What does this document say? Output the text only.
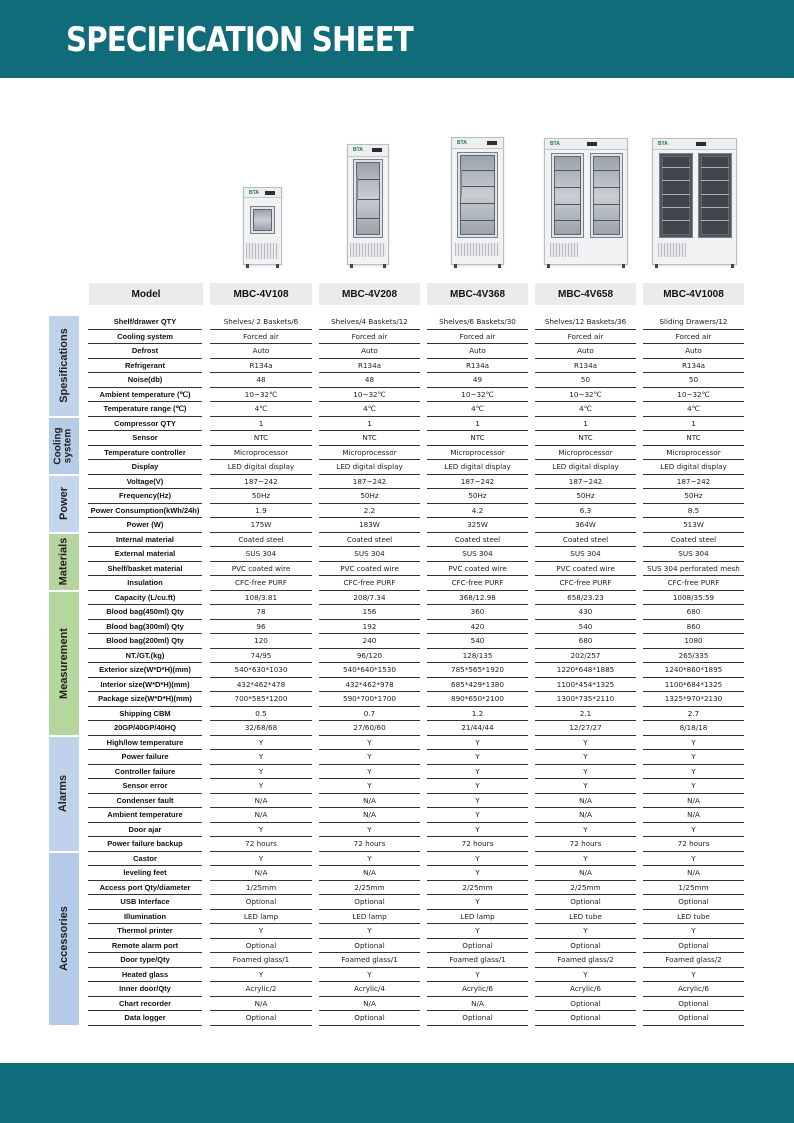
SPECIFICATION SHEET
BTA
BTA
BTA	BTA	BTA
Model	MBC-4V108	MBC-4V208	MBC-4V368	MBC-4V658	MBC-4V1008
Spesifications
Shelf/drawer QTY	Shelves/ 2 Baskets/6	Shelves/4 Baskets/12	Shelves/6 Baskets/30	Shelves/12 Baskets/36	Sliding Drawers/12
Cooling system	Forced air	Forced air	Forced air	Forced air	Forced air
Defrost	Auto	Auto	Auto	Auto	Auto
Refrigerant	R134a	R134a	R134a	R134a	R134a
Noise(db)	48	48	49	50	50
Ambient temperature (℃)	10~32℃	10~32℃	10~32℃	10~32℃	10~32℃
Temperature range (℃)	4℃	4℃	4℃	4℃	4℃
Cooling system
Compressor QTY	1	1	1	1	1
Sensor	NTC	NTC	NTC	NTC	NTC
Temperature controller	Microprocessor	Microprocessor	Microprocessor	Microprocessor	Microprocessor
Display	LED digital display	LED digital display	LED digital display	LED digital display	LED digital display
Power
Voltage(V)	187~242	187~242	187~242	187~242	187~242
Frequency(Hz)	50Hz	50Hz	50Hz	50Hz	50Hz
Power Consumption(kWh/24h)	1.9	2.2	4.2	6.3	8.5
Power (W)	175W	183W	325W	364W	513W
Materials	Internal material	Coated steel	Coated steel	Coated steel	Coated steel	Coated steel
External material	SUS 304	SUS 304	SUS 304	SUS 304	SUS 304
Shelf/basket material	PVC coated wire	PVC coated wire	PVC coated wire	PVC coated wire	SUS 304 perforated mesh
Insulation	CFC-free PURF	CFC-free PURF	CFC-free PURF	CFC-free PURF	CFC-free PURF
Measurement
Capacity (L/cu.ft)	108/3.81	208/7.34	368/12.98	658/23.23	1008/35.59
Blood bag(450ml) Qty	78	156	360	430	680
Blood bag(300ml) Qty	96	192	420	540	860
Blood bag(200ml) Qty	120	240	540	680	1080
NT./GT.(kg)	74/95	96/120	128/135	202/257	265/335
Exterior size(W*D*H)(mm)	540*630*1030	540*640*1530	785*565*1920	1220*648*1885	1240*860*1895
Interior size(W*D*H)(mm)	432*462*478	432*462*978	685*429*1380	1100*454*1325	1100*684*1325
Package size(W*D*H)(mm)	700*585*1200	590*700*1700	890*650*2100	1300*735*2110	1325*970*2130
Shipping CBM	0.5	0.7	1.2	2.1	2.7
20GP/40GP/40HQ	32/68/68	27/60/60	21/44/44	12/27/27	8/18/18
Alarms
High/low temperature	Y	Y	Y	Y	Y
Power failure	Y	Y	Y	Y	Y
Controller failure	Y	Y	Y	Y	Y
Sensor error	Y	Y	Y	Y	Y
Condenser fault	N/A	N/A	Y	N/A	N/A
Ambient temperature	N/A	N/A	Y	N/A	N/A
Door ajar	Y	Y	Y	Y	Y
Power failure backup	72 hours	72 hours	72 hours	72 hours	72 hours
Accessories
Castor	Y	Y	Y	Y	Y
leveling feet	N/A	N/A	Y	N/A	N/A
Access port Qty/diameter	1/25mm	2/25mm	2/25mm	2/25mm	1/25mm
USB Interface	Optional	Optional	Y	Optional	Optional
Illumination	LED lamp	LED lamp	LED lamp	LED tube	LED tube
Thermol printer	Y	Y	Y	Y	Y
Remote alarm port	Optional	Optional	Optional	Optional	Optional
Door type/Qty	Foamed glass/1	Foamed glass/1	Foamed glass/1	Foamed glass/2	Foamed glass/2
Heated glass	Y	Y	Y	Y	Y
Inner door/Qty	Acrylic/2	Acrylic/4	Acrylic/6	Acrylic/6	Acrylic/6
Chart recorder	N/A	N/A	N/A	Optional	Optional
Data logger	Optional	Optional	Optional	Optional	Optional
